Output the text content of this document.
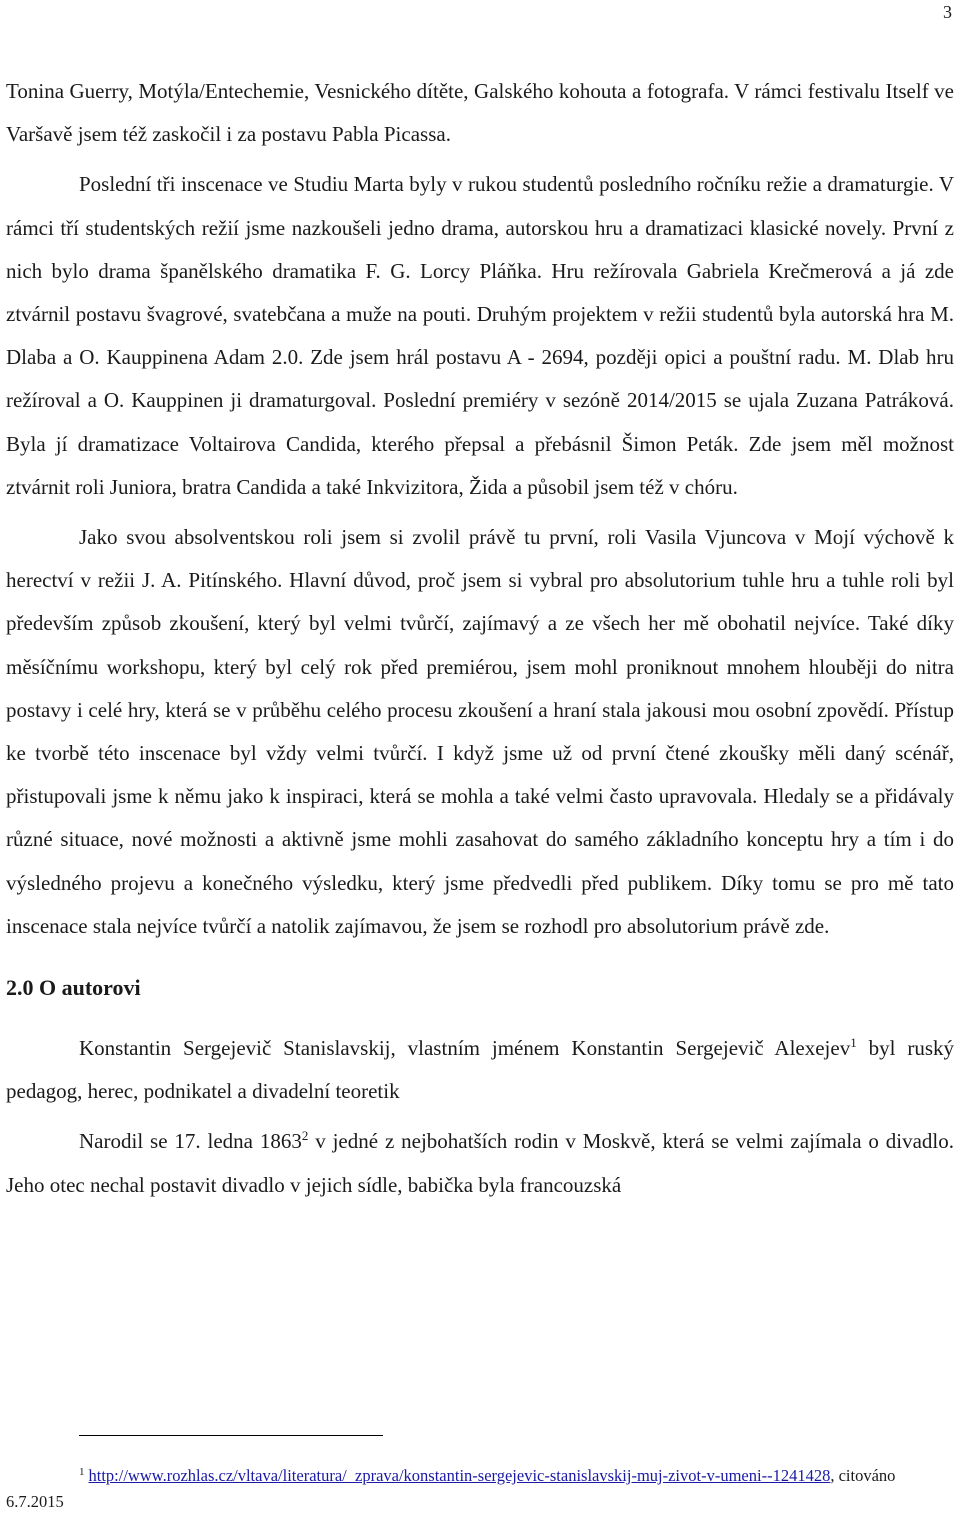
3

Tonina Guerry, Motýla/Entechemie, Vesnického dítěte, Galského kohouta a fotografa. V rámci festivalu Itself ve Varšavě jsem též zaskočil i za postavu Pabla Picassa.

Poslední tři inscenace ve Studiu Marta byly v rukou studentů posledního ročníku režie a dramaturgie. V rámci tří studentských režií jsme nazkoušeli jedno drama, autorskou hru a dramatizaci klasické novely. První z nich bylo drama španělského dramatika F. G. Lorcy Pláňka. Hru režírovala Gabriela Krečmerová a já zde ztvárnil postavu švagrové, svatebčana a muže na pouti. Druhým projektem v režii studentů byla autorská hra M. Dlaba a O. Kauppinena Adam 2.0. Zde jsem hrál postavu A - 2694, později opici a pouštní radu. M. Dlab hru režíroval a O. Kauppinen ji dramaturgoval. Poslední premiéry v sezóně 2014/2015 se ujala Zuzana Patráková. Byla jí dramatizace Voltairova Candida, kterého přepsal a přebásnil Šimon Peták. Zde jsem měl možnost ztvárnit roli Juniora, bratra Candida a také Inkvizitora, Žida a působil jsem též v chóru.

Jako svou absolventskou roli jsem si zvolil právě tu první, roli Vasila Vjuncova v Mojí výchově k herectví v režii J. A. Pitínského. Hlavní důvod, proč jsem si vybral pro absolutorium tuhle hru a tuhle roli byl především způsob zkoušení, který byl velmi tvůrčí, zajímavý a ze všech her mě obohatil nejvíce. Také díky měsíčnímu workshopu, který byl celý rok před premiérou, jsem mohl proniknout mnohem hlouběji do nitra postavy i celé hry, která se v průběhu celého procesu zkoušení a hraní stala jakousi mou osobní zpovědí. Přístup ke tvorbě této inscenace byl vždy velmi tvůrčí. I když jsme už od první čtené zkoušky měli daný scénář, přistupovali jsme k němu jako k inspiraci, která se mohla a také velmi často upravovala. Hledaly se a přidávaly různé situace, nové možnosti a aktivně jsme mohli zasahovat do samého základního konceptu hry a tím i do výsledného projevu a konečného výsledku, který jsme předvedli před publikem. Díky tomu se pro mě tato inscenace stala nejvíce tvůrčí a natolik zajímavou, že jsem se rozhodl pro absolutorium právě zde.

2.0 O autorovi

Konstantin Sergejevič Stanislavskij, vlastním jménem Konstantin Sergejevič Alexejev$^1$ byl ruský pedagog, herec, podnikatel a divadelní teoretik

Narodil se 17. ledna 1863$^2$ v jedné z nejbohatších rodin v Moskvě, která se velmi zajímala o divadlo. Jeho otec nechal postavit divadlo v jejich sídle, babička byla francouzská

$^1$ http://www.rozhlas.cz/vltava/literatura/_zprava/konstantin-sergejevic-stanislavskij-muj-zivot-v-umeni--1241428, citováno 6.7.2015
